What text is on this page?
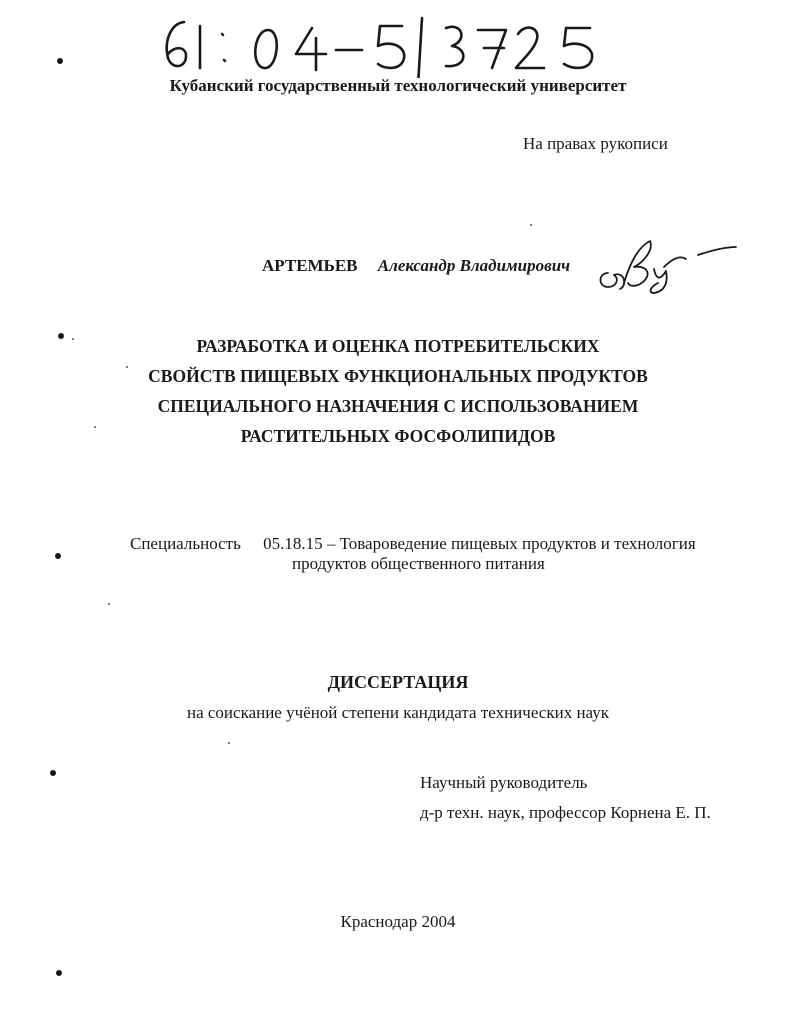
Кубанский государственный технологический университет
На правах рукописи
АРТЕМЬЕВ Александр Владимирович
РАЗРАБОТКА И ОЦЕНКА ПОТРЕБИТЕЛЬСКИХ
СВОЙСТВ ПИЩЕВЫХ ФУНКЦИОНАЛЬНЫХ ПРОДУКТОВ
СПЕЦИАЛЬНОГО НАЗНАЧЕНИЯ С ИСПОЛЬЗОВАНИЕМ
РАСТИТЕЛЬНЫХ ФОСФОЛИПИДОВ
Специальность 05.18.15 – Товароведение пищевых продуктов и технология
продуктов общественного питания
ДИССЕРТАЦИЯ
на соискание учёной степени кандидата технических наук
Научный руководитель
д-р техн. наук, профессор Корнена Е. П.
Краснодар 2004
